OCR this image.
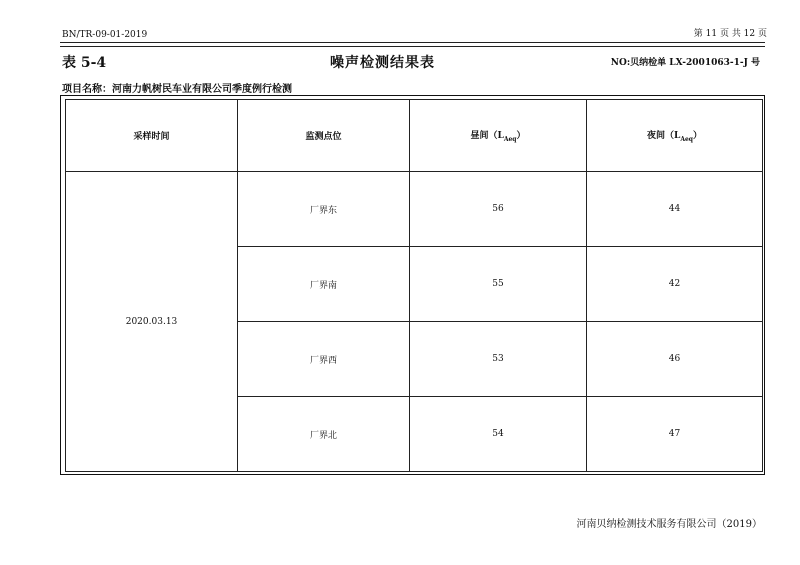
BN/TR-09-01-2019	第 11 页 共 12 页
表 5-4	噪声检测结果表	NO:贝纳检单 LX-2001063-1-J 号
项目名称：河南力帆树民车业有限公司季度例行检测
采样时间	监测点位	昼间$(L_{Aeq})$	夜间$(L_{Aeq})$
2020.03.13	厂界东	56	44
	厂界南	55	42
	厂界西	53	46
	厂界北	54	47
河南贝纳检测技术服务有限公司（2019）
